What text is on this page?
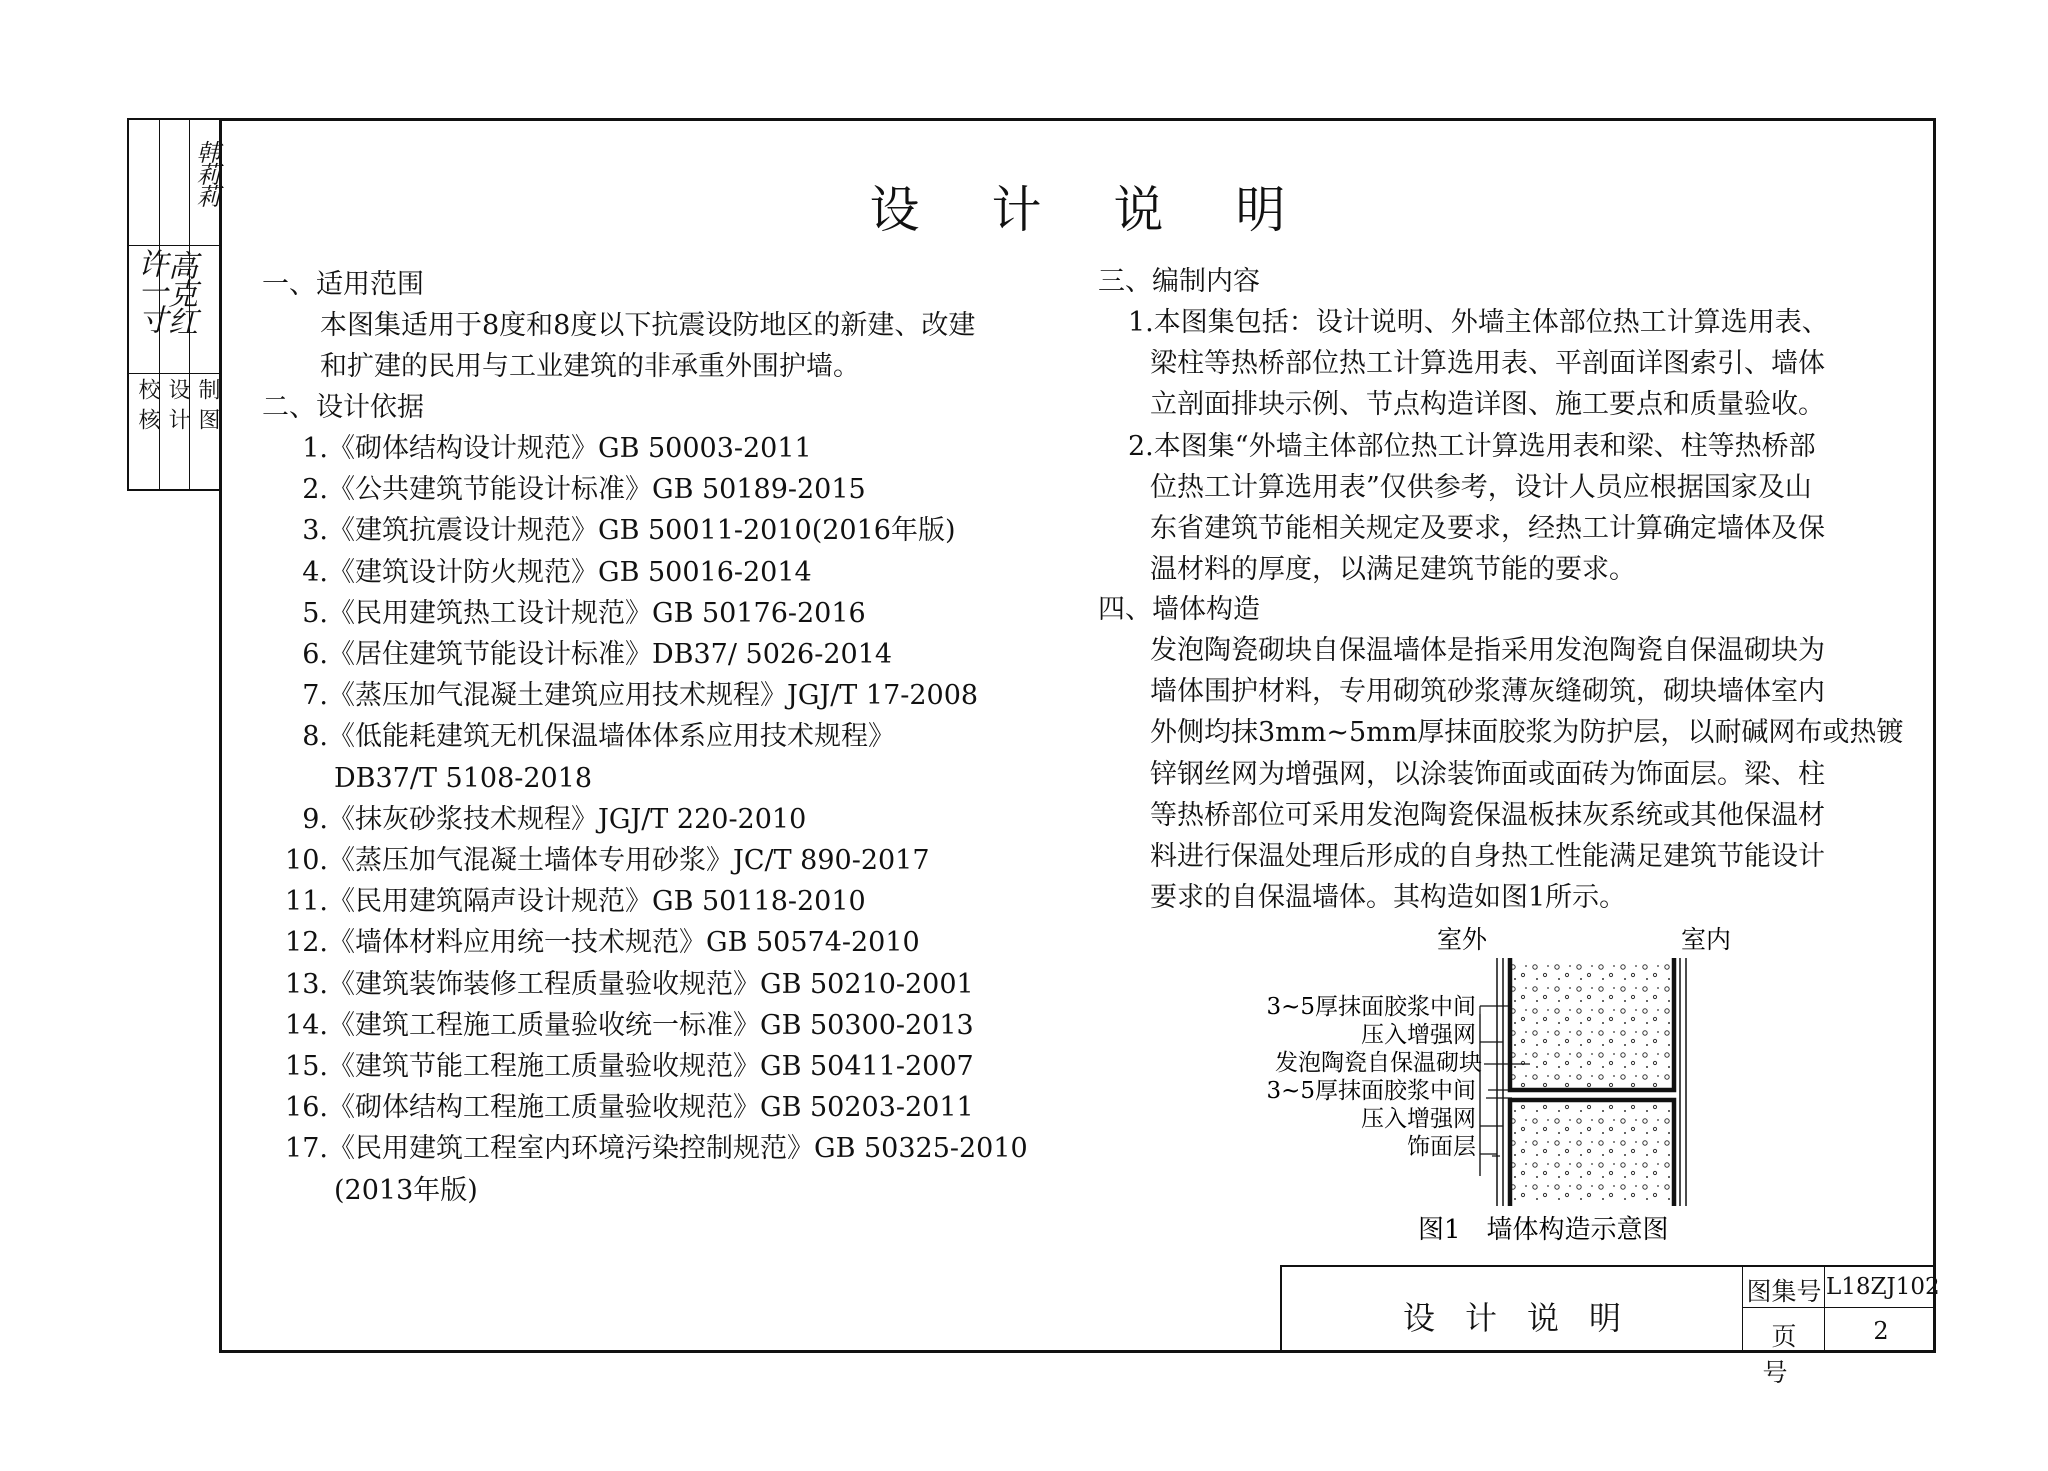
校核 设计 制图
许一寸
高克红
韩莉莉
设计说明
一、适用范围
本图集适用于8度和8度以下抗震设防地区的新建、改建
和扩建的民用与工业建筑的非承重外围护墙。
二、设计依据
1.《砌体结构设计规范》GB 50003-2011
2.《公共建筑节能设计标准》GB 50189-2015
3.《建筑抗震设计规范》GB 50011-2010(2016年版)
4.《建筑设计防火规范》GB 50016-2014
5.《民用建筑热工设计规范》GB 50176-2016
6.《居住建筑节能设计标准》DB37/ 5026-2014
7.《蒸压加气混凝土建筑应用技术规程》JGJ/T 17-2008
8.《低能耗建筑无机保温墙体体系应用技术规程》
DB37/T 5108-2018
9.《抹灰砂浆技术规程》JGJ/T 220-2010
10.《蒸压加气混凝土墙体专用砂浆》JC/T 890-2017
11.《民用建筑隔声设计规范》GB 50118-2010
12.《墙体材料应用统一技术规范》GB 50574-2010
13.《建筑装饰装修工程质量验收规范》GB 50210-2001
14.《建筑工程施工质量验收统一标准》GB 50300-2013
15.《建筑节能工程施工质量验收规范》GB 50411-2007
16.《砌体结构工程施工质量验收规范》GB 50203-2011
17.《民用建筑工程室内环境污染控制规范》GB 50325-2010
(2013年版)
三、编制内容
1.本图集包括：设计说明、外墙主体部位热工计算选用表、
梁柱等热桥部位热工计算选用表、平剖面详图索引、墙体
立剖面排块示例、节点构造详图、施工要点和质量验收。
2.本图集“外墙主体部位热工计算选用表和梁、柱等热桥部
位热工计算选用表”仅供参考，设计人员应根据国家及山
东省建筑节能相关规定及要求，经热工计算确定墙体及保
温材料的厚度，以满足建筑节能的要求。
四、墙体构造
发泡陶瓷砌块自保温墙体是指采用发泡陶瓷自保温砌块为
墙体围护材料，专用砌筑砂浆薄灰缝砌筑，砌块墙体室内
外侧均抹3mm~5mm厚抹面胶浆为防护层，以耐碱网布或热镀
锌钢丝网为增强网，以涂装饰面或面砖为饰面层。梁、柱
等热桥部位可采用发泡陶瓷保温板抹灰系统或其他保温材
料进行保温处理后形成的自身热工性能满足建筑节能设计
要求的自保温墙体。其构造如图1所示。
室外	室内
3~5厚抹面胶浆中间
压入增强网
发泡陶瓷自保温砌块
3~5厚抹面胶浆中间
压入增强网
饰面层
图1　墙体构造示意图
设计说明
图集号 L18ZJ102
页号
2
